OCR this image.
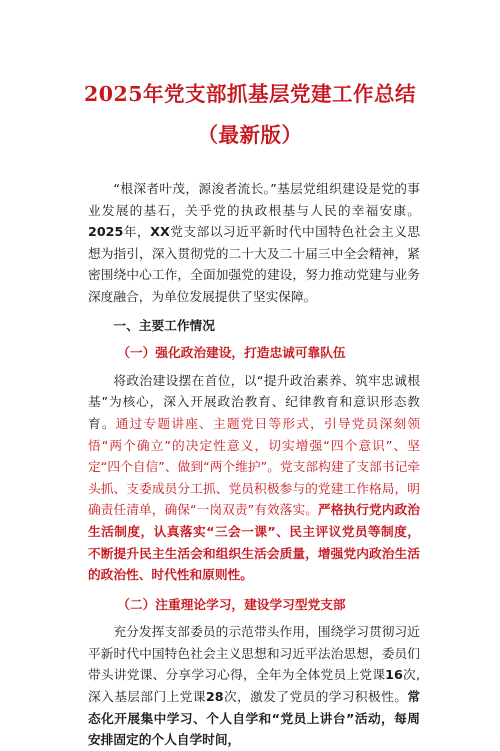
2025年党支部抓基层党建工作总结
（最新版）

“根深者叶茂，源浚者流长。”基层党组织建设是党的事业发展的基石，关乎党的执政根基与人民的幸福安康。2025年，XX党支部以习近平新时代中国特色社会主义思想为指引，深入贯彻党的二十大及二十届三中全会精神，紧密围绕中心工作，全面加强党的建设，努力推动党建与业务深度融合，为单位发展提供了坚实保障。

一、主要工作情况

（一）强化政治建设，打造忠诚可靠队伍

将政治建设摆在首位，以“提升政治素养、筑牢忠诚根基”为核心，深入开展政治教育、纪律教育和意识形态教育。通过专题讲座、主题党日等形式，引导党员深刻领悟“两个确立”的决定性意义，切实增强“四个意识”、坚定“四个自信”、做到“两个维护”。党支部构建了支部书记牵头抓、支委成员分工抓、党员积极参与的党建工作格局，明确责任清单，确保“一岗双责”有效落实。严格执行党内政治生活制度，认真落实“三会一课”、民主评议党员等制度，不断提升民主生活会和组织生活会质量，增强党内政治生活的政治性、时代性和原则性。

（二）注重理论学习，建设学习型党支部

充分发挥支部委员的示范带头作用，围绕学习贯彻习近平新时代中国特色社会主义思想和习近平法治思想，委员们带头讲党课、分享学习心得，全年为全体党员上党课16次,深入基层部门上党课28次，激发了党员的学习积极性。常态化开展集中学习、个人自学和“党员上讲台”活动，每周安排固定的个人自学时间，
